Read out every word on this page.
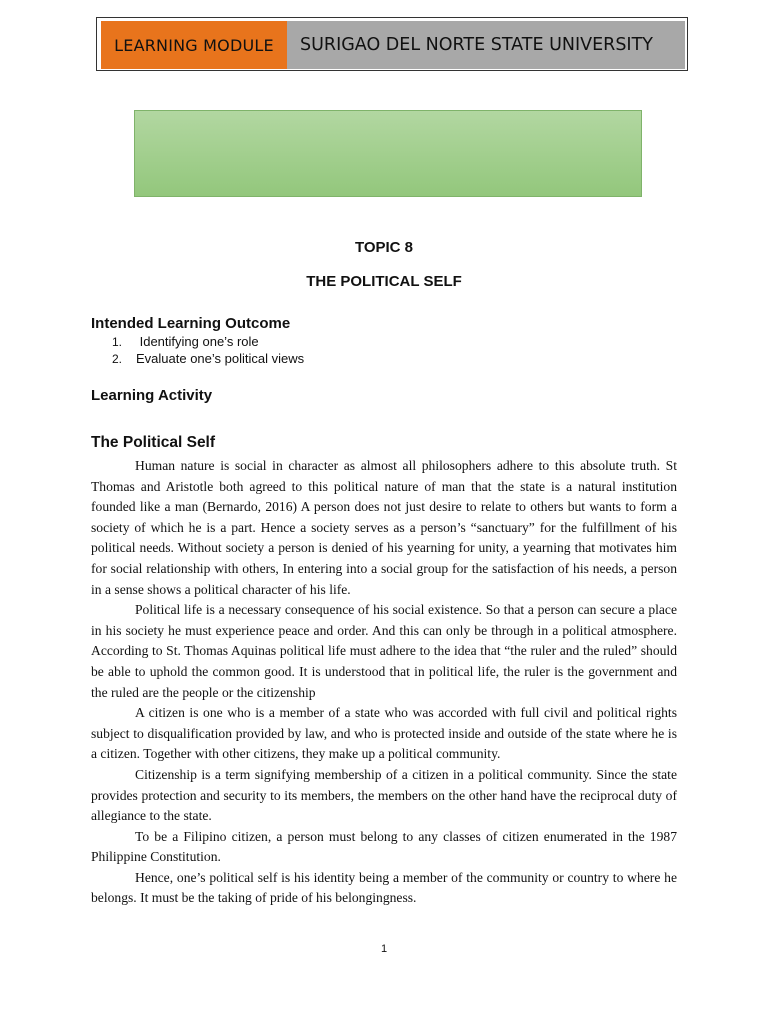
LEARNING MODULE	SURIGAO DEL NORTE STATE UNIVERSITY
TOPIC 8
THE POLITICAL SELF
Intended Learning Outcome
1.	Identifying one’s role
2.	Evaluate one’s political views
Learning Activity
The Political Self

Human nature is social in character as almost all philosophers adhere to this absolute truth. St Thomas and Aristotle both agreed to this political nature of man that the state is a natural institution founded like a man (Bernardo, 2016) A person does not just desire to relate to others but wants to form a society of which he is a part. Hence a society serves as a person’s “sanctuary” for the fulfillment of his political needs. Without society a person is denied of his yearning for unity, a yearning that motivates him for social relationship with others, In entering into a social group for the satisfaction of his needs, a person in a sense shows a political character of his life.

Political life is a necessary consequence of his social existence. So that a person can secure a place in his society he must experience peace and order. And this can only be through in a political atmosphere. According to St. Thomas Aquinas political life must adhere to the idea that “the ruler and the ruled” should be able to uphold the common good. It is understood that in political life, the ruler is the government and the ruled are the people or the citizenship

A citizen is one who is a member of a state who was accorded with full civil and political rights subject to disqualification provided by law, and who is protected inside and outside of the state where he is a citizen. Together with other citizens, they make up a political community.

Citizenship is a term signifying membership of a citizen in a political community. Since the state provides protection and security to its members, the members on the other hand have the reciprocal duty of allegiance to the state.

To be a Filipino citizen, a person must belong to any classes of citizen enumerated in the 1987 Philippine Constitution.

Hence, one’s political self is his identity being a member of the community or country to where he belongs. It must be the taking of pride of his belongingness.

1
